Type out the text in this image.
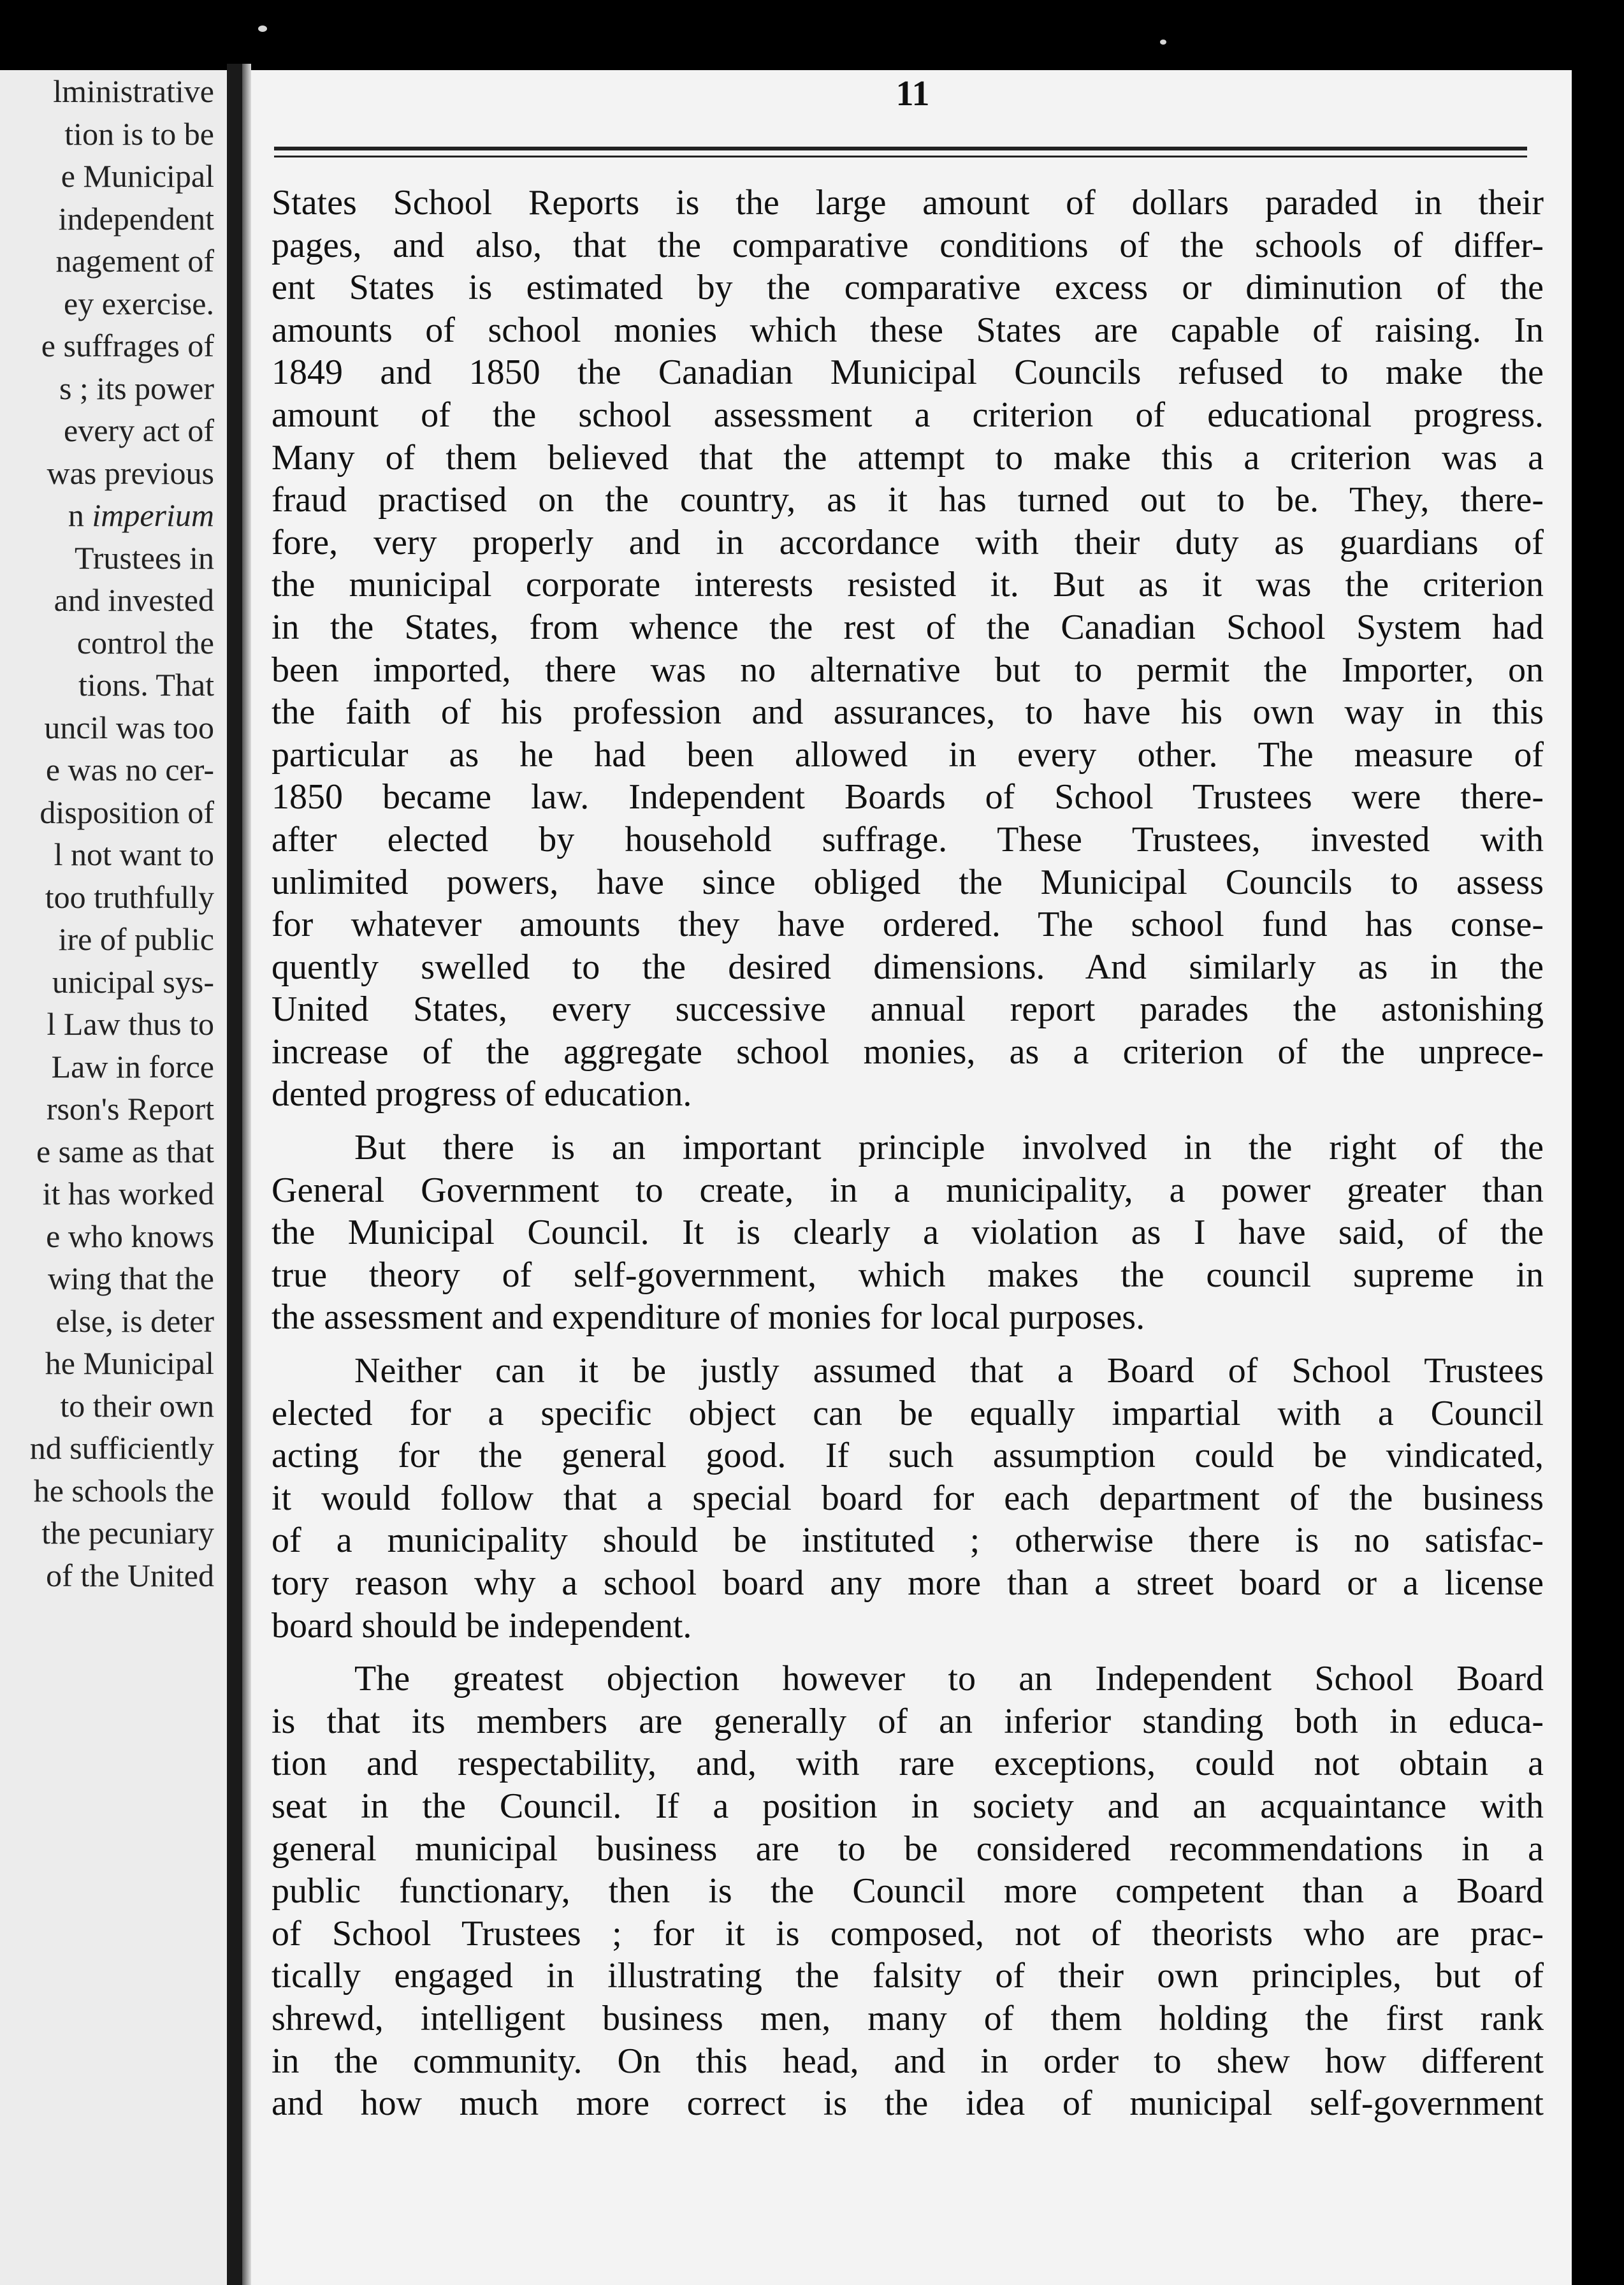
lministrative
tion is to be
e Municipal
independent
nagement of
ey exercise.
e suffrages of
s ; its power
every act of
was previous
n imperium
Trustees in
and invested
control the
tions. That
uncil was too
e was no cer-
disposition of
l not want to
too truthfully
ire of public
unicipal sys-
l Law thus to
Law in force
rson's Report
e same as that
it has worked
e who knows
wing that the
else, is deter
he Municipal
to their own
nd sufficiently
he schools the
the pecuniary
of the United
11
States School Reports is the large amount of dollars paraded in their
pages, and also, that the comparative conditions of the schools of differ-
ent States is estimated by the comparative excess or diminution of the
amounts of school monies which these States are capable of raising. In
1849 and 1850 the Canadian Municipal Councils refused to make the
amount of the school assessment a criterion of educational progress.
Many of them believed that the attempt to make this a criterion was a
fraud practised on the country, as it has turned out to be. They, there-
fore, very properly and in accordance with their duty as guardians of
the municipal corporate interests resisted it. But as it was the criterion
in the States, from whence the rest of the Canadian School System had
been imported, there was no alternative but to permit the Importer, on
the faith of his profession and assurances, to have his own way in this
particular as he had been allowed in every other. The measure of
1850 became law. Independent Boards of School Trustees were there-
after elected by household suffrage. These Trustees, invested with
unlimited powers, have since obliged the Municipal Councils to assess
for whatever amounts they have ordered. The school fund has conse-
quently swelled to the desired dimensions. And similarly as in the
United States, every successive annual report parades the astonishing
increase of the aggregate school monies, as a criterion of the unprece-
dented progress of education.
But there is an important principle involved in the right of the
General Government to create, in a municipality, a power greater than
the Municipal Council. It is clearly a violation as I have said, of the
true theory of self-government, which makes the council supreme in
the assessment and expenditure of monies for local purposes.
Neither can it be justly assumed that a Board of School Trustees
elected for a specific object can be equally impartial with a Council
acting for the general good. If such assumption could be vindicated,
it would follow that a special board for each department of the business
of a municipality should be instituted ; otherwise there is no satisfac-
tory reason why a school board any more than a street board or a license
board should be independent.
The greatest objection however to an Independent School Board
is that its members are generally of an inferior standing both in educa-
tion and respectability, and, with rare exceptions, could not obtain a
seat in the Council. If a position in society and an acquaintance with
general municipal business are to be considered recommendations in a
public functionary, then is the Council more competent than a Board
of School Trustees ; for it is composed, not of theorists who are prac-
tically engaged in illustrating the falsity of their own principles, but of
shrewd, intelligent business men, many of them holding the first rank
in the community. On this head, and in order to shew how different
and how much more correct is the idea of municipal self-government
